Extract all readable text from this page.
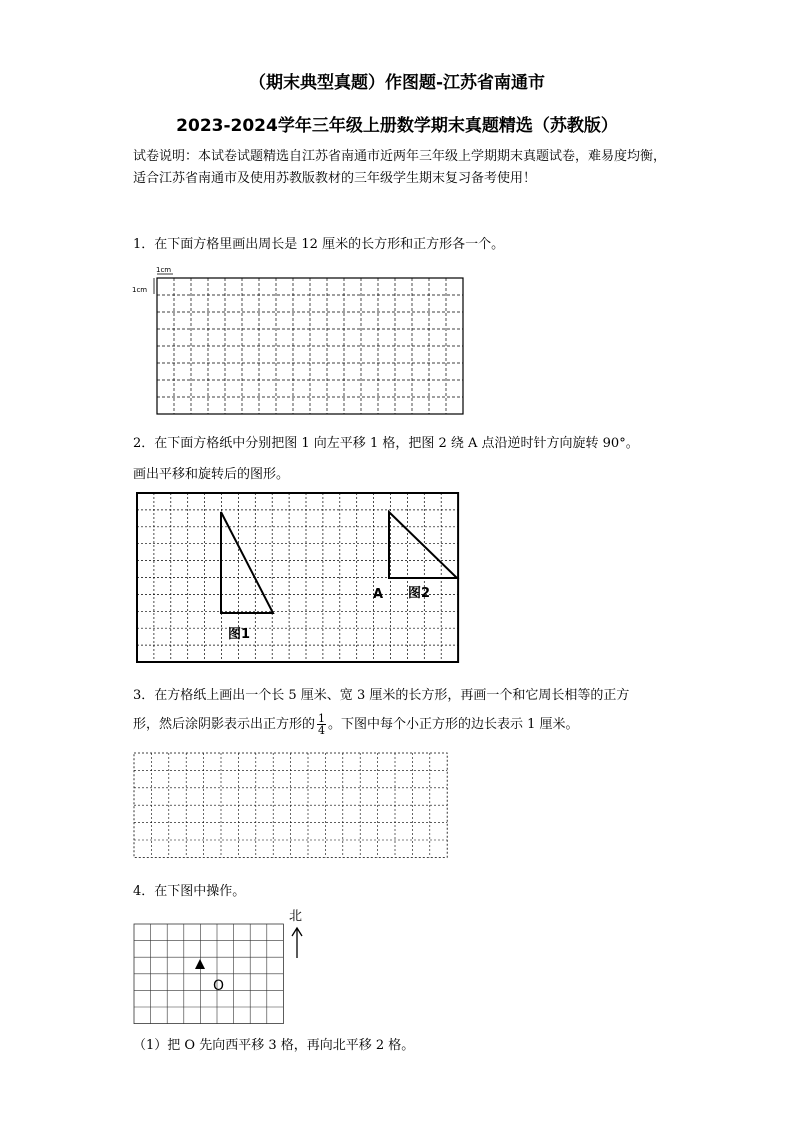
（期末典型真题）作图题-江苏省南通市
2023-2024学年三年级上册数学期末真题精选（苏教版）
试卷说明：本试卷试题精选自江苏省南通市近两年三年级上学期期末真题试卷，难易度均衡，适合江苏省南通市及使用苏教版教材的三年级学生期末复习备考使用！
1．在下面方格里画出周长是 12 厘米的长方形和正方形各一个。
1cm
1cm
2．在下面方格纸中分别把图 1 向左平移 1 格，把图 2 绕 A 点沿逆时针方向旋转 90°。
画出平移和旋转后的图形。
图1
图2
A
3．在方格纸上画出一个长 5 厘米、宽 3 厘米的长方形，再画一个和它周长相等的正方
形，然后涂阴影表示出正方形的 $\frac{1}{4}$ 。下图中每个小正方形的边长表示 1 厘米。
4．在下图中操作。
O
北
（1）把 O 先向西平移 3 格，再向北平移 2 格。
